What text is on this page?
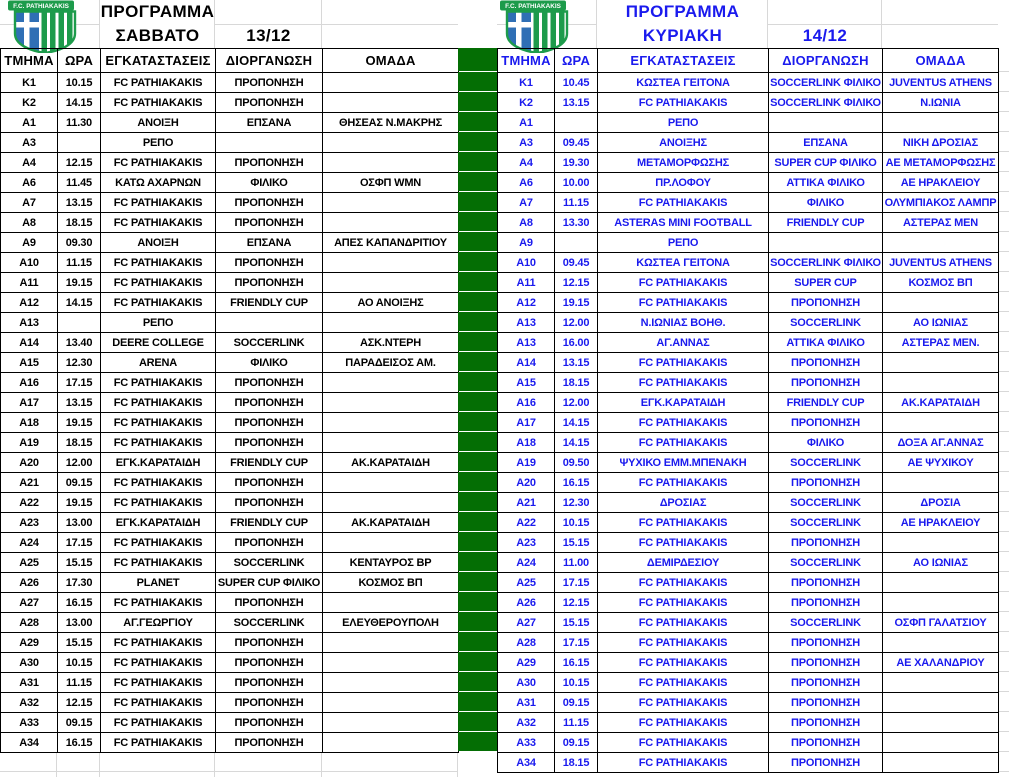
ΠΡΟΓΡΑΜΜΑ
ΣΑΒΒΑΤΟ	13/12
ΠΡΟΓΡΑΜΜΑ
ΚΥΡΙΑΚΗ	14/12
ΤΜΗΜΑ	ΩΡΑ	ΕΓΚΑΤΑΣΤΑΣΕΙΣ	ΔΙΟΡΓΑΝΩΣΗ	ΟΜΑΔΑ
K1	10.15	FC PATHIAKAKIS	ΠΡΟΠΟΝΗΣΗ	
K2	14.15	FC PATHIAKAKIS	ΠΡΟΠΟΝΗΣΗ	
A1	11.30	ΑΝΟΙΞΗ	ΕΠΣΑΝΑ	ΘΗΣΕΑΣ Ν.ΜΑΚΡΗΣ
A3		ΡΕΠΟ		
A4	12.15	FC PATHIAKAKIS	ΠΡΟΠΟΝΗΣΗ	
A6	11.45	ΚΑΤΩ ΑΧΑΡΝΩΝ	ΦΙΛΙΚΟ	ΟΣΦΠ WMN
A7	13.15	FC PATHIAKAKIS	ΠΡΟΠΟΝΗΣΗ	
A8	18.15	FC PATHIAKAKIS	ΠΡΟΠΟΝΗΣΗ	
A9	09.30	ΑΝΟΙΞΗ	ΕΠΣΑΝΑ	ΑΠΕΣ ΚΑΠΑΝΔΡΙΤΙΟΥ
A10	11.15	FC PATHIAKAKIS	ΠΡΟΠΟΝΗΣΗ	
A11	19.15	FC PATHIAKAKIS	ΠΡΟΠΟΝΗΣΗ	
A12	14.15	FC PATHIAKAKIS	FRIENDLY CUP	ΑΟ ΑΝΟΙΞΗΣ
A13		ΡΕΠΟ		
A14	13.40	DEERE COLLEGE	SOCCERLINK	ΑΣΚ.ΝΤΕΡΗ
A15	12.30	ARENA	ΦΙΛΙΚΟ	ΠΑΡΑΔΕΙΣΟΣ ΑΜ.
A16	17.15	FC PATHIAKAKIS	ΠΡΟΠΟΝΗΣΗ	
A17	13.15	FC PATHIAKAKIS	ΠΡΟΠΟΝΗΣΗ	
A18	19.15	FC PATHIAKAKIS	ΠΡΟΠΟΝΗΣΗ	
A19	18.15	FC PATHIAKAKIS	ΠΡΟΠΟΝΗΣΗ	
A20	12.00	ΕΓΚ.ΚΑΡΑΤΑΙΔΗ	FRIENDLY CUP	ΑΚ.ΚΑΡΑΤΑΙΔΗ
A21	09.15	FC PATHIAKAKIS	ΠΡΟΠΟΝΗΣΗ	
A22	19.15	FC PATHIAKAKIS	ΠΡΟΠΟΝΗΣΗ	
A23	13.00	ΕΓΚ.ΚΑΡΑΤΑΙΔΗ	FRIENDLY CUP	ΑΚ.ΚΑΡΑΤΑΙΔΗ
A24	17.15	FC PATHIAKAKIS	ΠΡΟΠΟΝΗΣΗ	
A25	15.15	FC PATHIAKAKIS	SOCCERLINK	ΚΕΝΤΑΥΡΟΣ ΒΡ
A26	17.30	PLANET	SUPER CUP ΦΙΛΙΚΟ	ΚΟΣΜΟΣ ΒΠ
A27	16.15	FC PATHIAKAKIS	ΠΡΟΠΟΝΗΣΗ	
A28	13.00	ΑΓ.ΓΕΩΡΓΙΟΥ	SOCCERLINK	ΕΛΕΥΘΕΡΟΥΠΟΛΗ
A29	15.15	FC PATHIAKAKIS	ΠΡΟΠΟΝΗΣΗ	
A30	10.15	FC PATHIAKAKIS	ΠΡΟΠΟΝΗΣΗ	
A31	11.15	FC PATHIAKAKIS	ΠΡΟΠΟΝΗΣΗ	
A32	12.15	FC PATHIAKAKIS	ΠΡΟΠΟΝΗΣΗ	
A33	09.15	FC PATHIAKAKIS	ΠΡΟΠΟΝΗΣΗ	
A34	16.15	FC PATHIAKAKIS	ΠΡΟΠΟΝΗΣΗ	
ΤΜΗΜΑ	ΩΡΑ	ΕΓΚΑΤΑΣΤΑΣΕΙΣ	ΔΙΟΡΓΑΝΩΣΗ	ΟΜΑΔΑ
K1	10.45	ΚΩΣΤΕΑ ΓΕΙΤΟΝΑ	SOCCERLINK ΦΙΛΙΚΟ	JUVENTUS ATHENS
K2	13.15	FC PATHIAKAKIS	SOCCERLINK ΦΙΛΙΚΟ	Ν.ΙΩΝΙΑ
A1		ΡΕΠΟ		
A3	09.45	ΑΝΟΙΞΗΣ	ΕΠΣΑΝΑ	ΝΙΚΗ ΔΡΟΣΙΑΣ
A4	19.30	ΜΕΤΑΜΟΡΦΩΣΗΣ	SUPER CUP ΦΙΛΙΚΟ	ΑΕ ΜΕΤΑΜΟΡΦΩΣΗΣ
A6	10.00	ΠΡ.ΛΟΦΟΥ	ΑΤΤΙΚΑ ΦΙΛΙΚΟ	ΑΕ ΗΡΑΚΛΕΙΟΥ
A7	11.15	FC PATHIAKAKIS	ΦΙΛΙΚΟ	ΟΛΥΜΠΙΑΚΟΣ ΛΑΜΠΡ
A8	13.30	ASTERAS MINI FOOTBALL	FRIENDLY CUP	ΑΣΤΕΡΑΣ ΜΕΝ
A9		ΡΕΠΟ		
A10	09.45	ΚΩΣΤΕΑ ΓΕΙΤΟΝΑ	SOCCERLINK ΦΙΛΙΚΟ	JUVENTUS ATHENS
A11	12.15	FC PATHIAKAKIS	SUPER CUP	ΚΟΣΜΟΣ ΒΠ
A12	19.15	FC PATHIAKAKIS	ΠΡΟΠΟΝΗΣΗ	
A13	12.00	Ν.ΙΩΝΙΑΣ ΒΟΗΘ.	SOCCERLINK	ΑΟ ΙΩΝΙΑΣ
A13	16.00	ΑΓ.ΑΝΝΑΣ	ΑΤΤΙΚΑ ΦΙΛΙΚΟ	ΑΣΤΕΡΑΣ ΜΕΝ.
A14	13.15	FC PATHIAKAKIS	ΠΡΟΠΟΝΗΣΗ	
A15	18.15	FC PATHIAKAKIS	ΠΡΟΠΟΝΗΣΗ	
A16	12.00	ΕΓΚ.ΚΑΡΑΤΑΙΔΗ	FRIENDLY CUP	ΑΚ.ΚΑΡΑΤΑΙΔΗ
A17	14.15	FC PATHIAKAKIS	ΠΡΟΠΟΝΗΣΗ	
A18	14.15	FC PATHIAKAKIS	ΦΙΛΙΚΟ	ΔΟΞΑ ΑΓ.ΑΝΝΑΣ
A19	09.50	ΨΥΧΙΚΟ ΕΜΜ.ΜΠΕΝΑΚΗ	SOCCERLINK	ΑΕ ΨΥΧΙΚΟΥ
A20	16.15	FC PATHIAKAKIS	ΠΡΟΠΟΝΗΣΗ	
A21	12.30	ΔΡΟΣΙΑΣ	SOCCERLINK	ΔΡΟΣΙΑ
A22	10.15	FC PATHIAKAKIS	SOCCERLINK	ΑΕ ΗΡΑΚΛΕΙΟΥ
A23	15.15	FC PATHIAKAKIS	ΠΡΟΠΟΝΗΣΗ	
A24	11.00	ΔΕΜΙΡΔΕΣΙΟΥ	SOCCERLINK	ΑΟ ΙΩΝΙΑΣ
A25	17.15	FC PATHIAKAKIS	ΠΡΟΠΟΝΗΣΗ	
A26	12.15	FC PATHIAKAKIS	ΠΡΟΠΟΝΗΣΗ	
A27	15.15	FC PATHIAKAKIS	SOCCERLINK	ΟΣΦΠ ΓΑΛΑΤΣΙΟΥ
A28	17.15	FC PATHIAKAKIS	ΠΡΟΠΟΝΗΣΗ	
A29	16.15	FC PATHIAKAKIS	ΠΡΟΠΟΝΗΣΗ	ΑΕ ΧΑΛΑΝΔΡΙΟΥ
A30	10.15	FC PATHIAKAKIS	ΠΡΟΠΟΝΗΣΗ	
A31	09.15	FC PATHIAKAKIS	ΠΡΟΠΟΝΗΣΗ	
A32	11.15	FC PATHIAKAKIS	ΠΡΟΠΟΝΗΣΗ	
A33	09.15	FC PATHIAKAKIS	ΠΡΟΠΟΝΗΣΗ	
A34	18.15	FC PATHIAKAKIS	ΠΡΟΠΟΝΗΣΗ	
